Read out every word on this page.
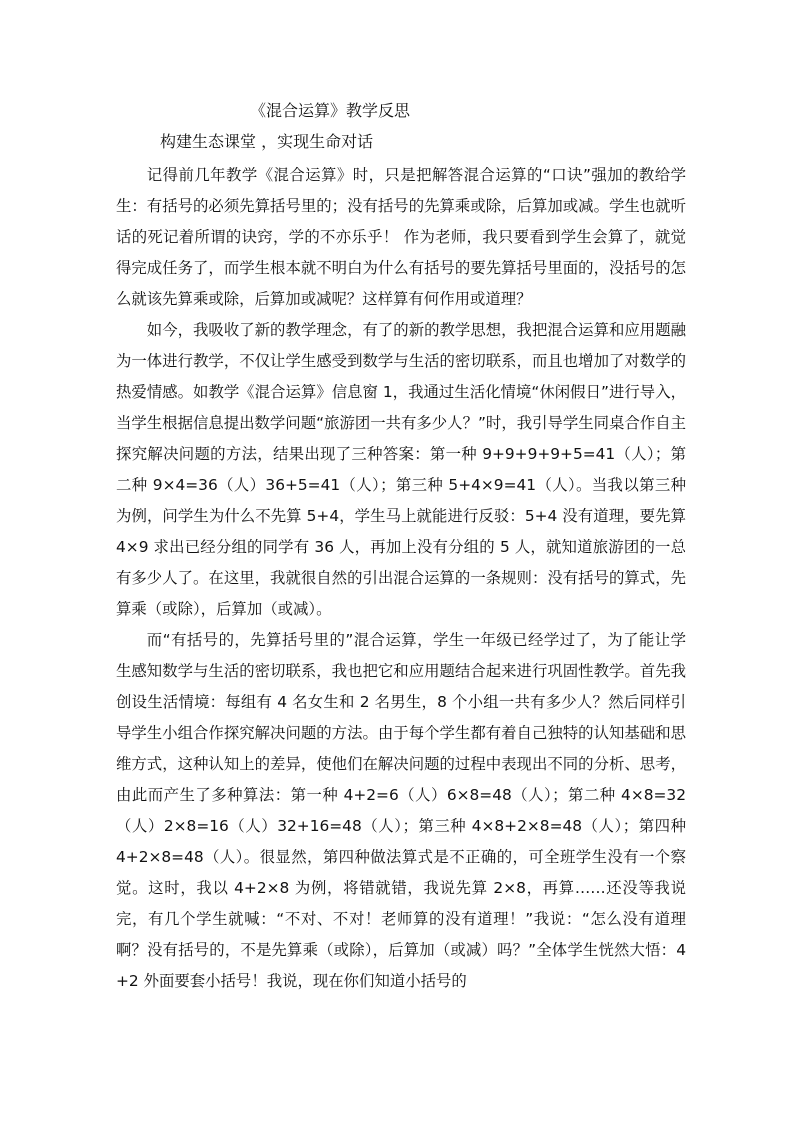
《混合运算》教学反思
构建生态课堂 ，实现生命对话

记得前几年教学《混合运算》时，只是把解答混合运算的“口诀”强加的教给学生：有括号的必须先算括号里的；没有括号的先算乘或除，后算加或减。学生也就听话的死记着所谓的诀窍，学的不亦乐乎！ 作为老师，我只要看到学生会算了，就觉得完成任务了，而学生根本就不明白为什么有括号的要先算括号里面的，没括号的怎么就该先算乘或除，后算加或减呢？这样算有何作用或道理？

如今，我吸收了新的教学理念，有了的新的教学思想，我把混合运算和应用题融为一体进行教学，不仅让学生感受到数学与生活的密切联系，而且也增加了对数学的热爱情感。如教学《混合运算》信息窗 1，我通过生活化情境“休闲假日”进行导入，当学生根据信息提出数学问题“旅游团一共有多少人？”时，我引导学生同桌合作自主探究解决问题的方法，结果出现了三种答案：第一种 9+9+9+9+5=41（人）；第二种 9×4=36（人）36+5=41（人）；第三种 5+4×9=41（人）。当我以第三种为例，问学生为什么不先算 5+4，学生马上就能进行反驳：5+4 没有道理，要先算 4×9 求出已经分组的同学有 36 人，再加上没有分组的 5 人，就知道旅游团的一总有多少人了。在这里，我就很自然的引出混合运算的一条规则：没有括号的算式，先算乘（或除），后算加（或减）。

而“有括号的，先算括号里的”混合运算，学生一年级已经学过了，为了能让学生感知数学与生活的密切联系，我也把它和应用题结合起来进行巩固性教学。首先我创设生活情境：每组有 4 名女生和 2 名男生，8 个小组一共有多少人？然后同样引导学生小组合作探究解决问题的方法。由于每个学生都有着自己独特的认知基础和思维方式，这种认知上的差异，使他们在解决问题的过程中表现出不同的分析、思考，由此而产生了多种算法：第一种 4+2=6（人）6×8=48（人）；第二种 4×8=32（人）2×8=16（人）32+16=48（人）；第三种 4×8+2×8=48（人）；第四种 4+2×8=48（人）。很显然，第四种做法算式是不正确的，可全班学生没有一个察觉。这时，我以 4+2×8 为例，将错就错，我说先算 2×8，再算……还没等我说完，有几个学生就喊：“不对、不对！老师算的没有道理！”我说：“怎么没有道理啊？没有括号的，不是先算乘（或除），后算加（或减）吗？”全体学生恍然大悟：4+2 外面要套小括号！我说，现在你们知道小括号的
